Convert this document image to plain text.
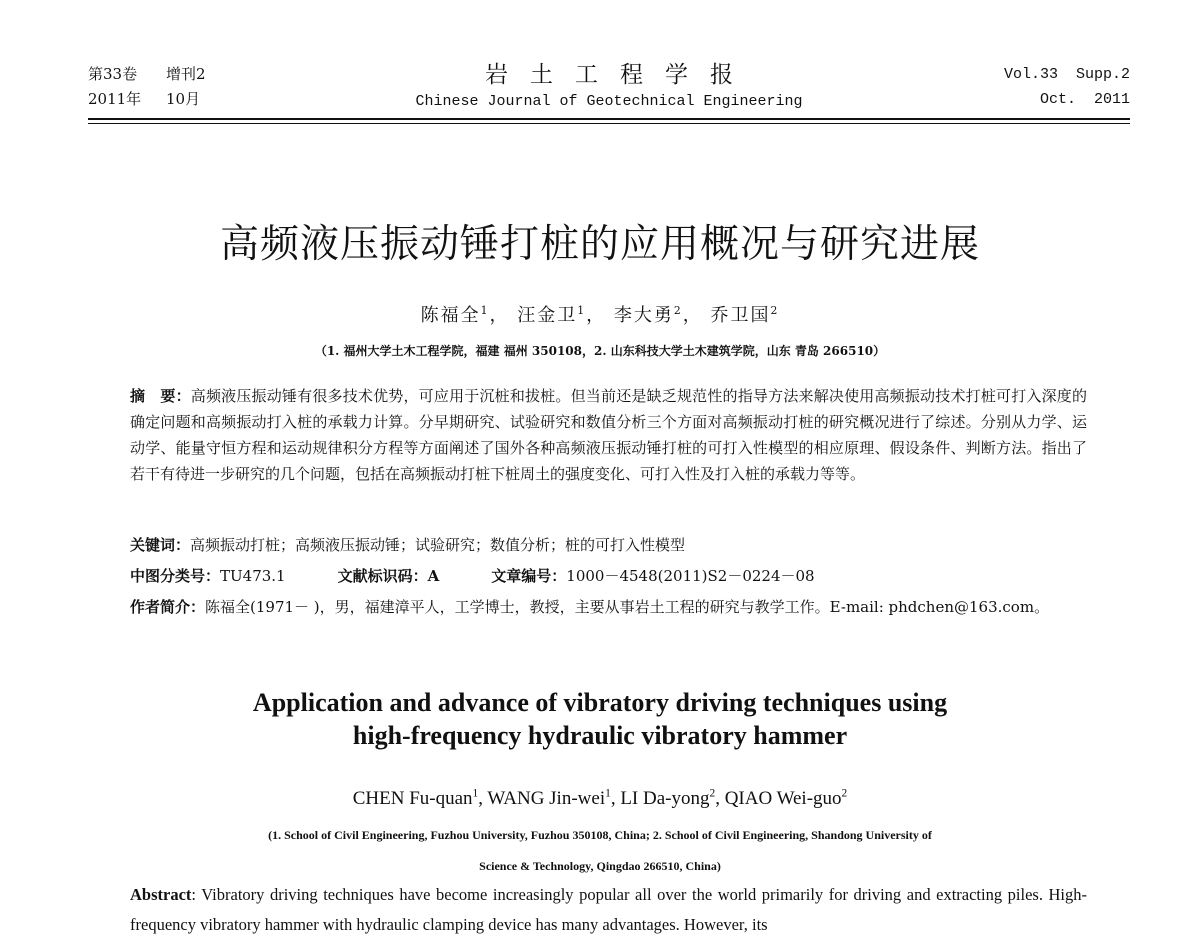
第33卷 增刊2
2011年 10月
岩土工程学报
Chinese Journal of Geotechnical Engineering
Vol.33  Supp.2
Oct.  2011
高频液压振动锤打桩的应用概况与研究进展
陈福全$^1$， 汪金卫$^1$， 李大勇$^2$， 乔卫国$^2$
（1. 福州大学土木工程学院，福建 福州 350108，2. 山东科技大学土木建筑学院，山东 青岛 266510）
摘　要：高频液压振动锤有很多技术优势，可应用于沉桩和拔桩。但当前还是缺乏规范性的指导方法来解决使用高频振动技术打桩可打入深度的确定问题和高频振动打入桩的承载力计算。分早期研究、试验研究和数值分析三个方面对高频振动打桩的研究概况进行了综述。分别从力学、运动学、能量守恒方程和运动规律积分方程等方面阐述了国外各种高频液压振动锤打桩的可打入性模型的相应原理、假设条件、判断方法。指出了若干有待进一步研究的几个问题，包括在高频振动打桩下桩周土的强度变化、可打入性及打入桩的承载力等等。
关键词：高频振动打桩；高频液压振动锤；试验研究；数值分析；桩的可打入性模型
中图分类号：TU473.1	文献标识码：A	文章编号：1000－4548(2011)S2－0224－08
作者简介：陈福全(1971－ )，男，福建漳平人，工学博士，教授，主要从事岩土工程的研究与教学工作。E-mail: phdchen@163.com。
Application and advance of vibratory driving techniques using
high-frequency hydraulic vibratory hammer
CHEN Fu-quan$^1$, WANG Jin-wei$^1$, LI Da-yong$^2$, QIAO Wei-guo$^2$
(1. School of Civil Engineering, Fuzhou University, Fuzhou 350108, China; 2. School of Civil Engineering, Shandong University of
Science & Technology, Qingdao 266510, China)
Abstract: Vibratory driving techniques have become increasingly popular all over the world primarily for driving and extracting piles. High-frequency vibratory hammer with hydraulic clamping device has many advantages. However, its
